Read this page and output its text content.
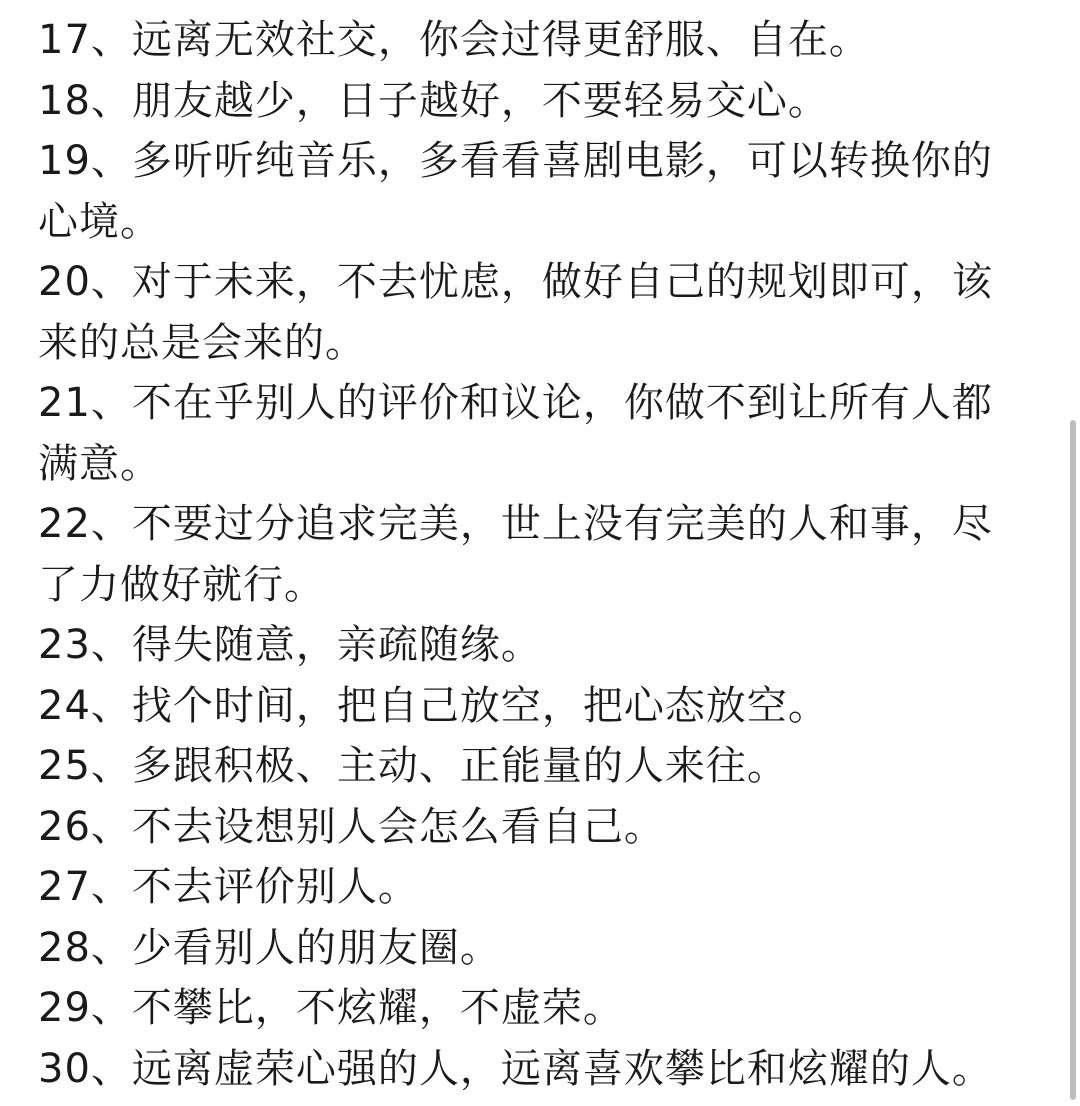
17、远离无效社交，你会过得更舒服、自在。

18、朋友越少，日子越好，不要轻易交心。

19、多听听纯音乐，多看看喜剧电影，可以转换你的
心境。

20、对于未来，不去忧虑，做好自己的规划即可，该
来的总是会来的。

21、不在乎别人的评价和议论，你做不到让所有人都
满意。

22、不要过分追求完美，世上没有完美的人和事，尽
了力做好就行。

23、得失随意，亲疏随缘。

24、找个时间，把自己放空，把心态放空。

25、多跟积极、主动、正能量的人来往。

26、不去设想别人会怎么看自己。

27、不去评价别人。

28、少看别人的朋友圈。

29、不攀比，不炫耀，不虚荣。

30、远离虚荣心强的人，远离喜欢攀比和炫耀的人。
